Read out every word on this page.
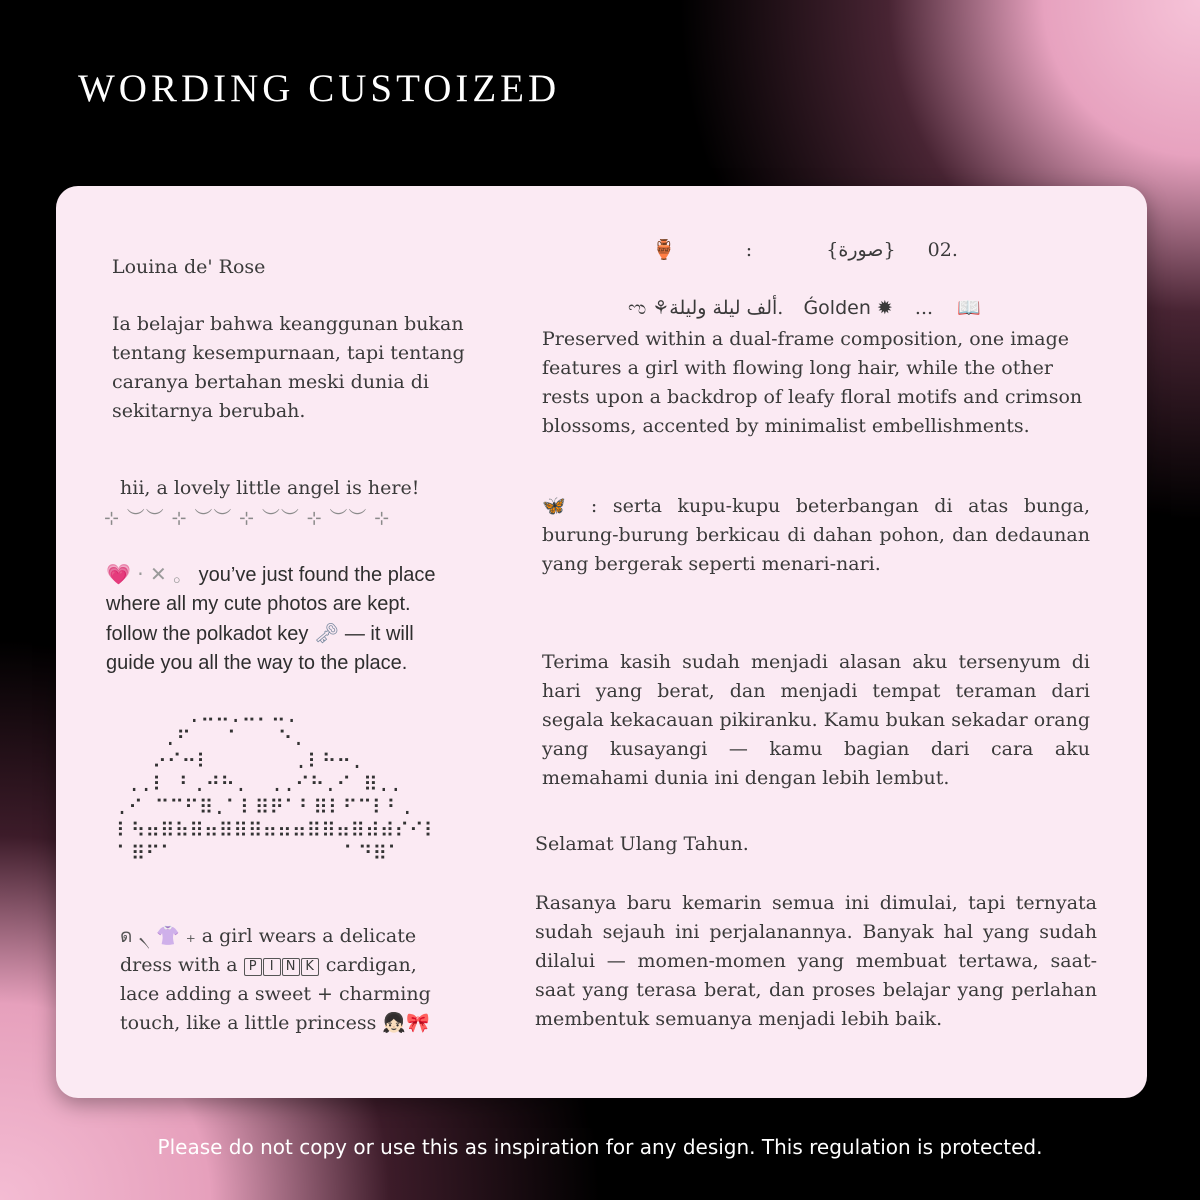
WORDING CUSTOIZED

Louina de' Rose

Ia belajar bahwa keanggunan bukan tentang kesempurnaan, tapi tentang caranya bertahan meski dunia di sekitarnya berubah.

hii, a lovely little angel is here!

⊹ ︶︶ ⊹ ︶︶ ⊹ ︶︶ ⊹ ︶︶ ⊹

💗 · ✕ 。 you’ve just found the place where all my cute photos are kept. follow the polkadot key 🗝 — it will guide you all the way to the place.

.⠤⠤.⠤⠄⠤.
.⠋   ⠁   ⠑.
⠔⠊⠒⠇       .⠇⠓⠒.
..⠇ ⠃.⠚⠓.  ..⠊⠓.⠊ ⠿..
.⠊ ⠉⠉⠋⠿.⠁⠇⠿⠟⠁⠃⠿⠇⠋⠉⠇⠃.
⠇⠳⠶⠿⠷⠿⠶⠿⠿⠿⠶⠶⠶⠿⠿⠶⠿⠾⠾⠎⠊⠇
⠁⠿⠋⠁              ⠁⠙⠿⠁

ด ৲ 👚 ₊ a girl wears a delicate dress with a P I N K cardigan, lace adding a sweet + charming touch, like a little princess 👧🏻🎀

🏺	:	{صورة} 02.
ಌ ⚘ألف ليلة وليلة. Ǵolden ✹ ... 📖

Preserved within a dual-frame composition, one image features a girl with flowing long hair, while the other rests upon a backdrop of leafy floral motifs and crimson blossoms, accented by minimalist embellishments.

🦋 : serta kupu-kupu beterbangan di atas bunga, burung-burung berkicau di dahan pohon, dan dedaunan yang bergerak seperti menari-nari.

Terima kasih sudah menjadi alasan aku tersenyum di hari yang berat, dan menjadi tempat teraman dari segala kekacauan pikiranku. Kamu bukan sekadar orang yang kusayangi — kamu bagian dari cara aku memahami dunia ini dengan lebih lembut.

Selamat Ulang Tahun.

Rasanya baru kemarin semua ini dimulai, tapi ternyata sudah sejauh ini perjalanannya. Banyak hal yang sudah dilalui — momen-momen yang membuat tertawa, saat-saat yang terasa berat, dan proses belajar yang perlahan membentuk semuanya menjadi lebih baik.

Please do not copy or use this as inspiration for any design. This regulation is protected.
